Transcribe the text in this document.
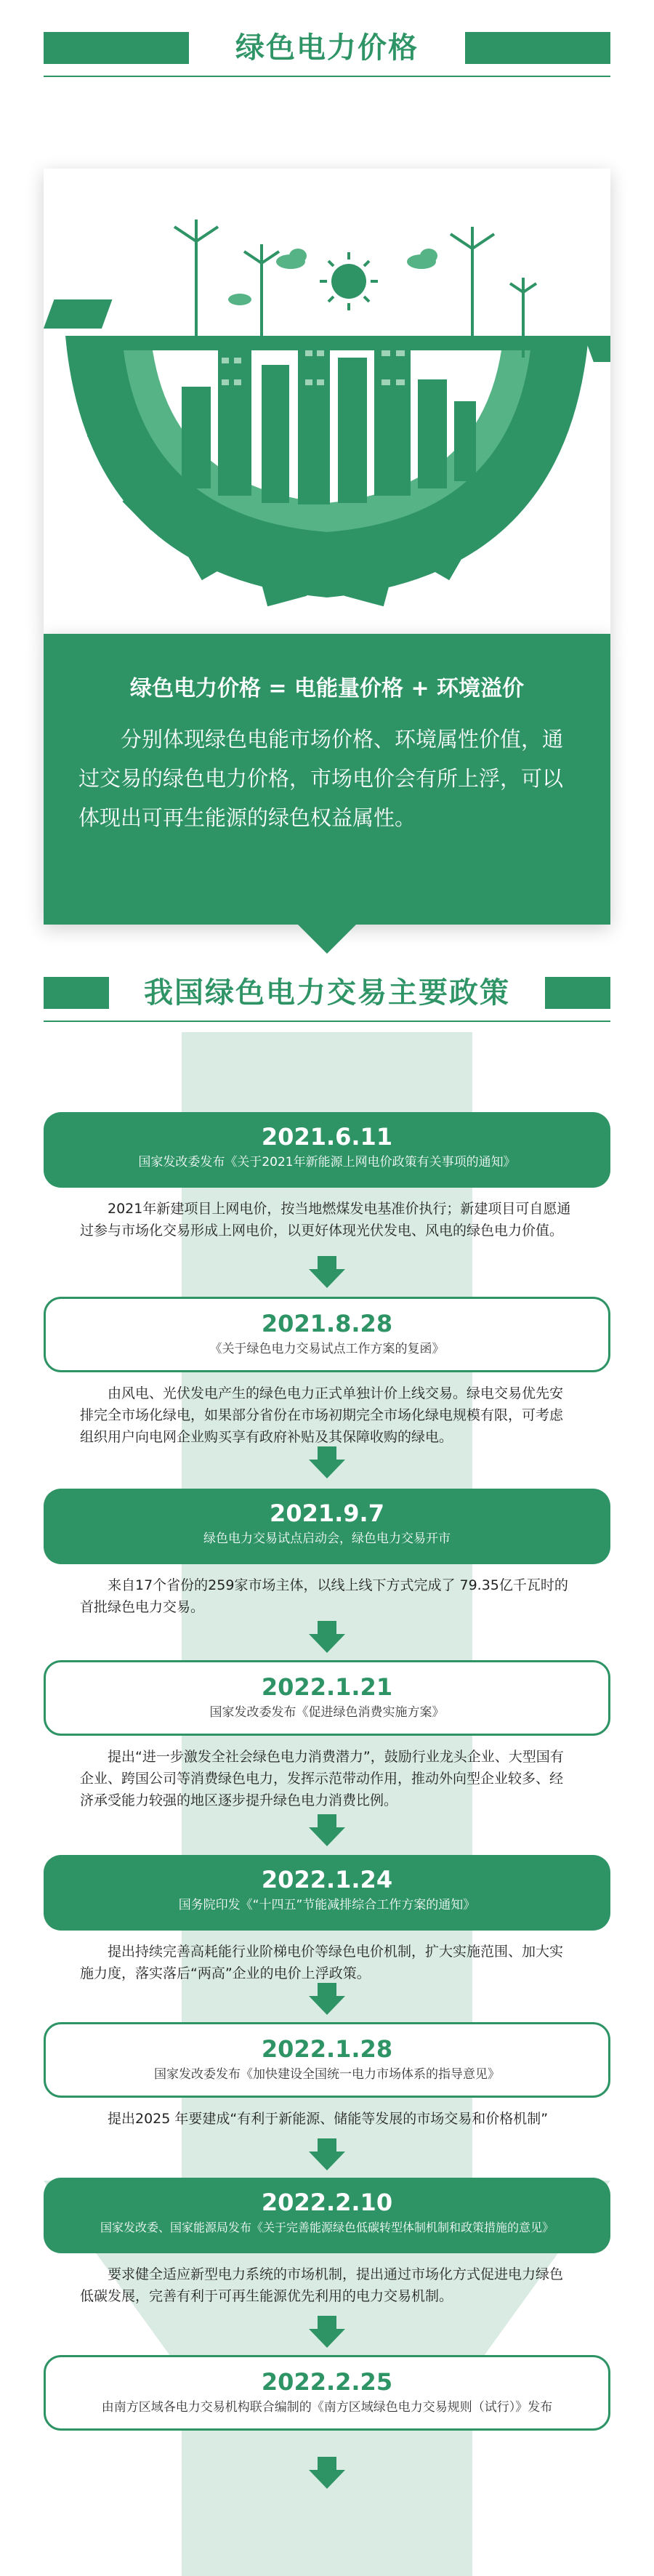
绿色电力价格
绿色电力价格 = 电能量价格 + 环境溢价
分别体现绿色电能市场价格、环境属性价值，通过交易的绿色电力价格，市场电价会有所上浮，可以体现出可再生能源的绿色权益属性。
我国绿色电力交易主要政策
2021.6.11
国家发改委发布《关于2021年新能源上网电价政策有关事项的通知》
2021年新建项目上网电价，按当地燃煤发电基准价执行；新建项目可自愿通过参与市场化交易形成上网电价，以更好体现光伏发电、风电的绿色电力价值。
2021.8.28
《关于绿色电力交易试点工作方案的复函》
由风电、光伏发电产生的绿色电力正式单独计价上线交易。绿电交易优先安排完全市场化绿电，如果部分省份在市场初期完全市场化绿电规模有限，可考虑组织用户向电网企业购买享有政府补贴及其保障收购的绿电。
2021.9.7
绿色电力交易试点启动会，绿色电力交易开市
来自17个省份的259家市场主体，以线上线下方式完成了 79.35亿千瓦时的首批绿色电力交易。
2022.1.21
国家发改委发布《促进绿色消费实施方案》
提出“进一步激发全社会绿色电力消费潜力”，鼓励行业龙头企业、大型国有企业、跨国公司等消费绿色电力，发挥示范带动作用，推动外向型企业较多、经济承受能力较强的地区逐步提升绿色电力消费比例。
2022.1.24
国务院印发《“十四五”节能减排综合工作方案的通知》
提出持续完善高耗能行业阶梯电价等绿色电价机制，扩大实施范围、加大实施力度，落实落后“两高”企业的电价上浮政策。
2022.1.28
国家发改委发布《加快建设全国统一电力市场体系的指导意见》
提出2025 年要建成“有利于新能源、储能等发展的市场交易和价格机制”
2022.2.10
国家发改委、国家能源局发布《关于完善能源绿色低碳转型体制机制和政策措施的意见》
要求健全适应新型电力系统的市场机制，提出通过市场化方式促进电力绿色低碳发展，完善有利于可再生能源优先利用的电力交易机制。
2022.2.25
由南方区域各电力交易机构联合编制的《南方区域绿色电力交易规则（试行）》发布
